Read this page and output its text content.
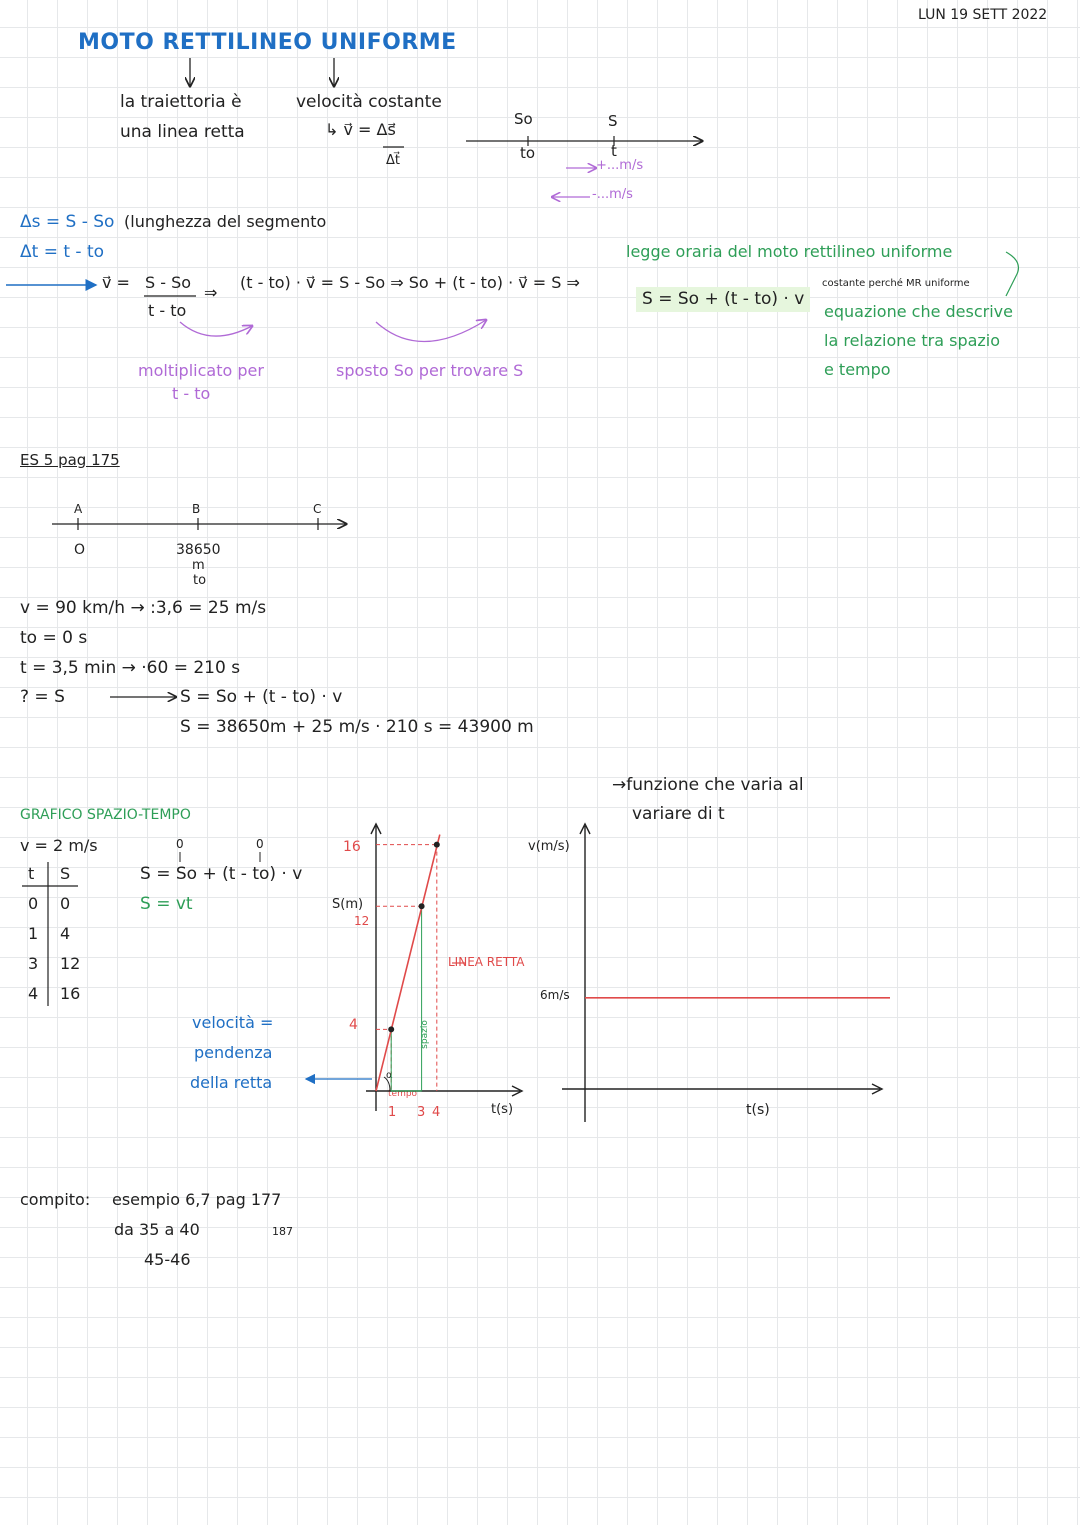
LUN 19 SETT 2022
MOTO RETTILINEO UNIFORME
la traiettoria è
una linea retta
velocità costante
↳ v⃗ = Δs⃗
Δt⃗
So
to
S
t
+...m/s
-...m/s
Δs = S - So (lunghezza del segmento
Δt = t - to
v⃗ = S - So
t - to
⇒
(t - to) · v⃗ = S - So ⇒ So + (t - to) · v⃗ = S ⇒
S = So + (t - to) · v
moltiplicato per
t - to
sposto So per trovare S
legge oraria del moto rettilineo uniforme
costante perché MR uniforme
equazione che descrive
la relazione tra spazio
e tempo
ES 5 pag 175
A	B	C
O	38650
m
to
v = 90 km/h → :3,6 = 25 m/s
to = 0 s
t = 3,5 min → ·60 = 210 s
? = S	S = So + (t - to) · v
S = 38650m + 25 m/s · 210 s = 43900 m
GRAFICO SPAZIO-TEMPO
v = 2 m/s	0	0
S = So + (t - to) · v
S = vt
t S
0 0
1 4
3 12
4 16
velocità =
pendenza
della retta
→funzione che varia al
variare di t
16
12
4
S(m)
t(s)
1 3 4
LINEA RETTA
tempo
spazio
α
v(m/s)
6m/s
t(s)
compito: esempio 6,7 pag 177
da 35 a 40	187
45-46
